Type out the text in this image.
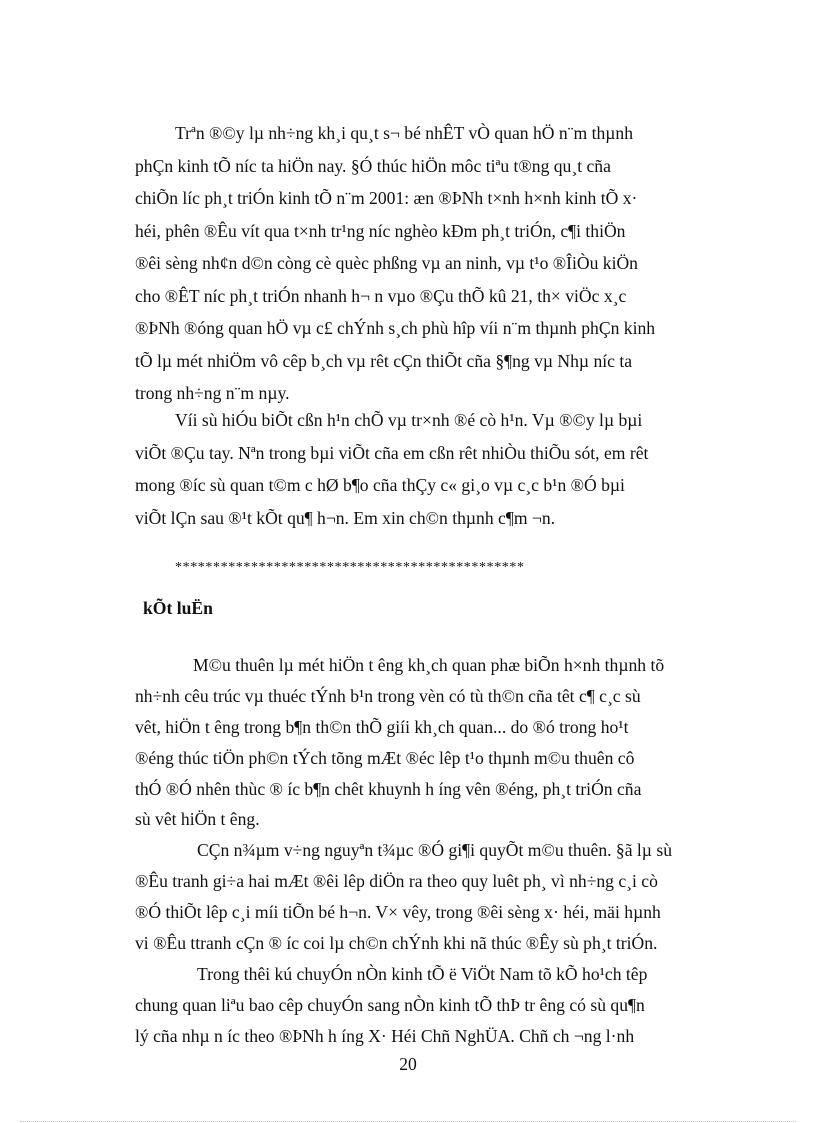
Trªn ®©y lµ nh÷ng kh¸i qu¸t s¬ bé nhÊT vÒ quan hÖ n¨m thµnh
phÇn kinh tÕ níc ta hiÖn nay. §Ó thúc hiÖn môc tiªu t®ng qu¸t cña
chiÕn líc ph¸t triÓn kinh tÕ n¨m 2001: æn ®ÞNh t×nh h×nh kinh tÕ x·
héi, phên ®Êu vít qua t×nh tr¹ng níc nghèo kÐm ph¸t triÓn, c¶i thiÖn
®êi sèng nh¢n d©n còng cè quèc phßng vµ an ninh, vµ t¹o ®ÎiÒu kiÖn
cho ®ÊT níc ph¸t triÓn nhanh h¬ n vµo ®Çu thÕ kû 21, th× viÖc x¸c
®ÞNh ®óng quan hÖ vµ c£ chÝnh s¸ch phù hîp víi n¨m thµnh phÇn kinh
tÕ lµ mét nhiÖm vô cêp b¸ch vµ rêt cÇn thiÕt cña §¶ng vµ Nhµ níc ta
trong nh÷ng n¨m nµy.
Víi sù hiÓu biÕt cßn h¹n chÕ vµ tr×nh ®é cò h¹n. Vµ ®©y lµ bµi
viÕt ®Çu tay. Nªn trong bµi viÕt cña em cßn rêt nhiÒu thiÕu sót, em rêt
mong ®íc sù quan t©m c hØ b¶o cña thÇy c« gi¸o vµ c¸c b¹n ®Ó bµi
viÕt lÇn sau ®¹t kÕt qu¶ h¬n. Em xin ch©n thµnh c¶m ¬n.
**********************************************
kÕt luËn
M©u thuên lµ mét hiÖn t êng kh¸ch quan phæ biÕn h×nh thµnh tõ
nh÷nh cêu trúc vµ thuéc tÝnh b¹n trong vèn có tù th©n cña têt c¶ c¸c sù
vêt, hiÖn t êng trong b¶n th©n thÕ giíi kh¸ch quan... do ®ó trong ho¹t
®éng thúc tiÖn ph©n tÝch tõng mÆt ®éc lêp t¹o thµnh m©u thuên cô
thÓ ®Ó nhên thùc ® íc b¶n chêt khuynh h íng vên ®éng, ph¸t triÓn cña
sù vêt hiÖn t êng.
CÇn n¾µm v÷ng nguyªn t¾µc ®Ó gi¶i quyÕt m©u thuên. §ã lµ sù
®Êu tranh gi÷a hai mÆt ®êi lêp diÖn ra theo quy luêt ph¸ vì nh÷ng c¸i cò
®Ó thiÕt lêp c¸i míi tiÕn bé h¬n. V× vêy, trong ®êi sèng x· héi, mäi hµnh
vi ®Êu ttranh cÇn ® íc coi lµ ch©n chÝnh khi nã thúc ®Êy sù ph¸t triÓn.
Trong thêi kú chuyÓn nÒn kinh tÕ ë ViÖt Nam tõ kÕ ho¹ch têp
chung quan liªu bao cêp chuyÓn sang nÒn kinh tÕ thÞ tr êng có sù qu¶n
lý cña nhµ n íc theo ®ÞNh h íng X· Héi Chñ NghÜA. Chñ ch ¬ng l·nh
20
